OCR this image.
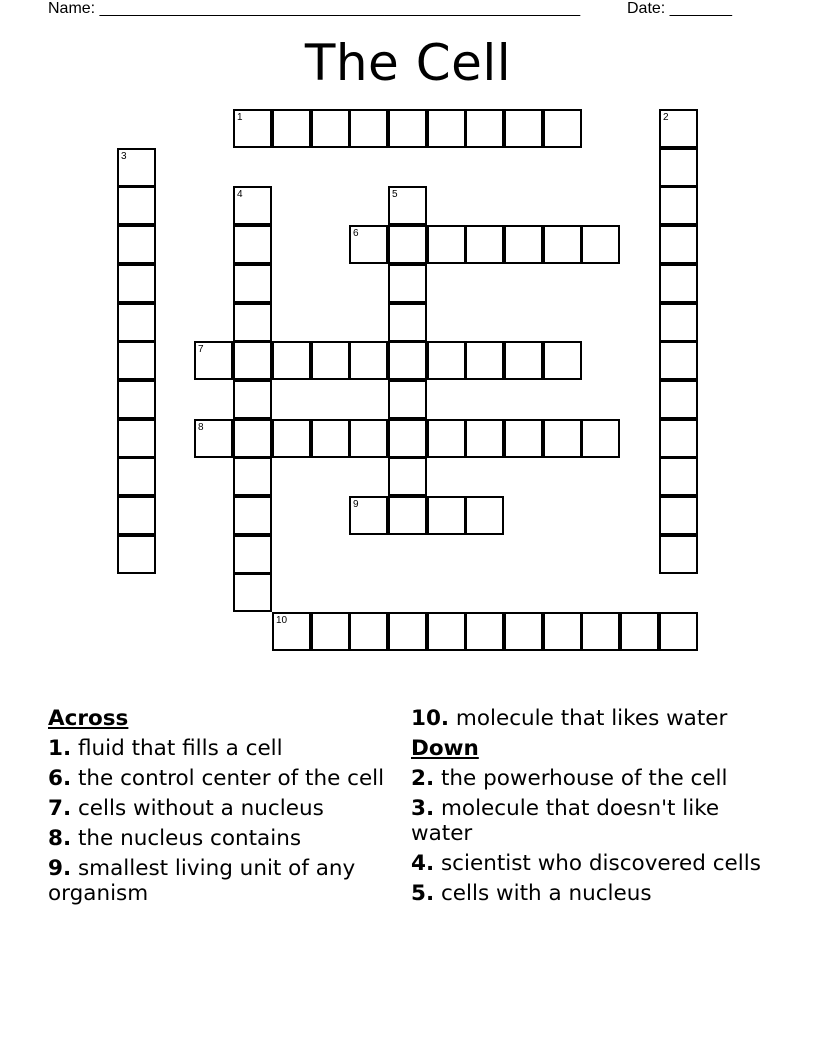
Name: ______________________________________________________	Date: _______
The Cell
1	2
3
4	5
6
7
8
9
10
Across
1. fluid that fills a cell
6. the control center of the cell
7. cells without a nucleus
8. the nucleus contains
9. smallest living unit of any organism
10. molecule that likes water
Down
2. the powerhouse of the cell
3. molecule that doesn't like water
4. scientist who discovered cells
5. cells with a nucleus
